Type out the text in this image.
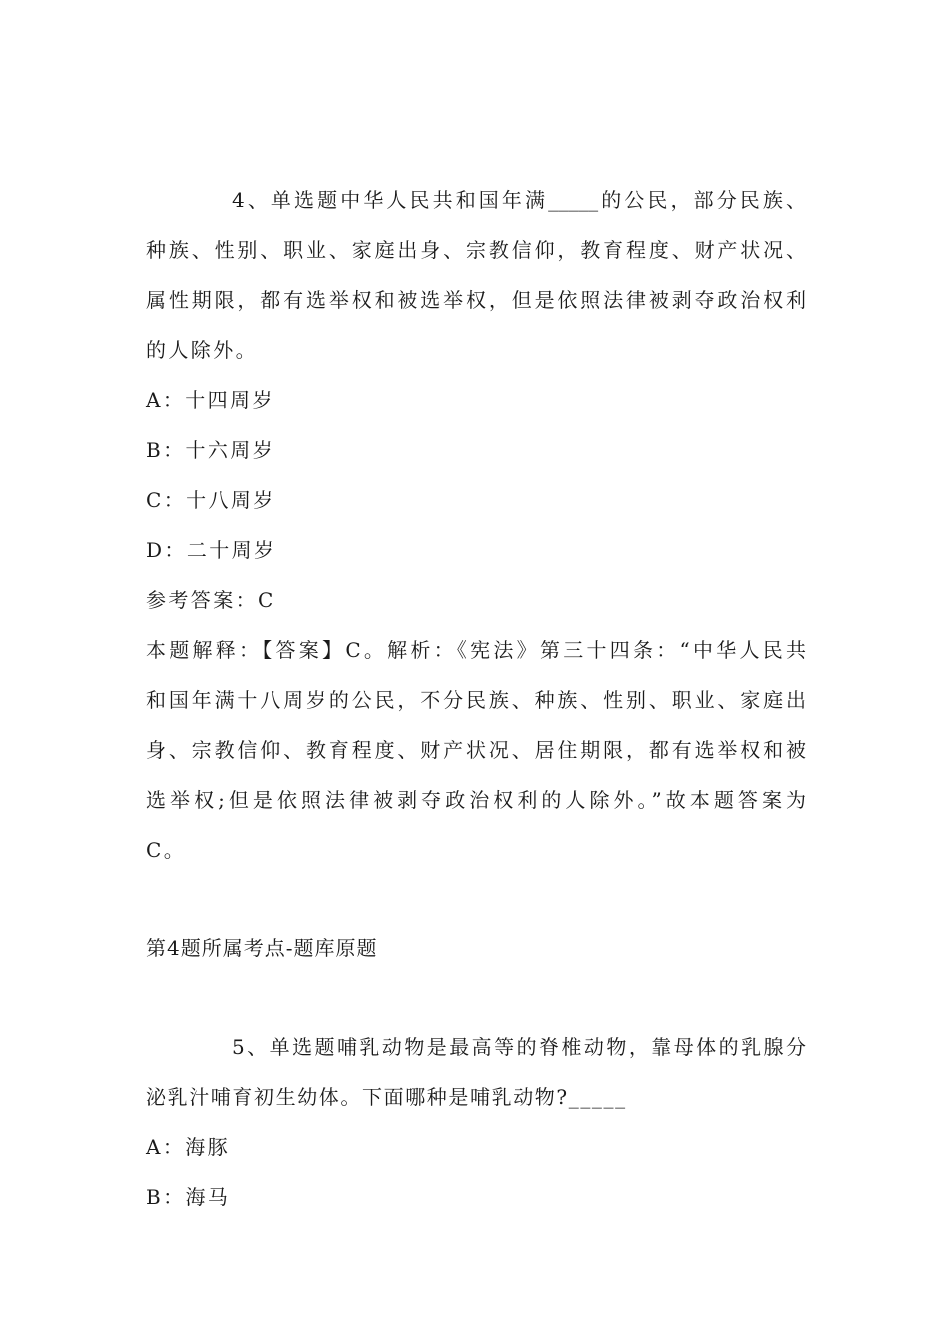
4、单选题中华人民共和国年满_____的公民，部分民族、
种族、性别、职业、家庭出身、宗教信仰，教育程度、财产状况、
属性期限，都有选举权和被选举权，但是依照法律被剥夺政治权利
的人除外。
A：十四周岁
B：十六周岁
C：十八周岁
D：二十周岁
参考答案：C
本题解释：【答案】C。解析：《宪法》第三十四条：“中华人民共
和国年满十八周岁的公民，不分民族、种族、性别、职业、家庭出
身、宗教信仰、教育程度、财产状况、居住期限，都有选举权和被
选举权;但是依照法律被剥夺政治权利的人除外。”故本题答案为
C。
第4题所属考点-题库原题
5、单选题哺乳动物是最高等的脊椎动物，靠母体的乳腺分
泌乳汁哺育初生幼体。下面哪种是哺乳动物?_____
A：海豚
B：海马
